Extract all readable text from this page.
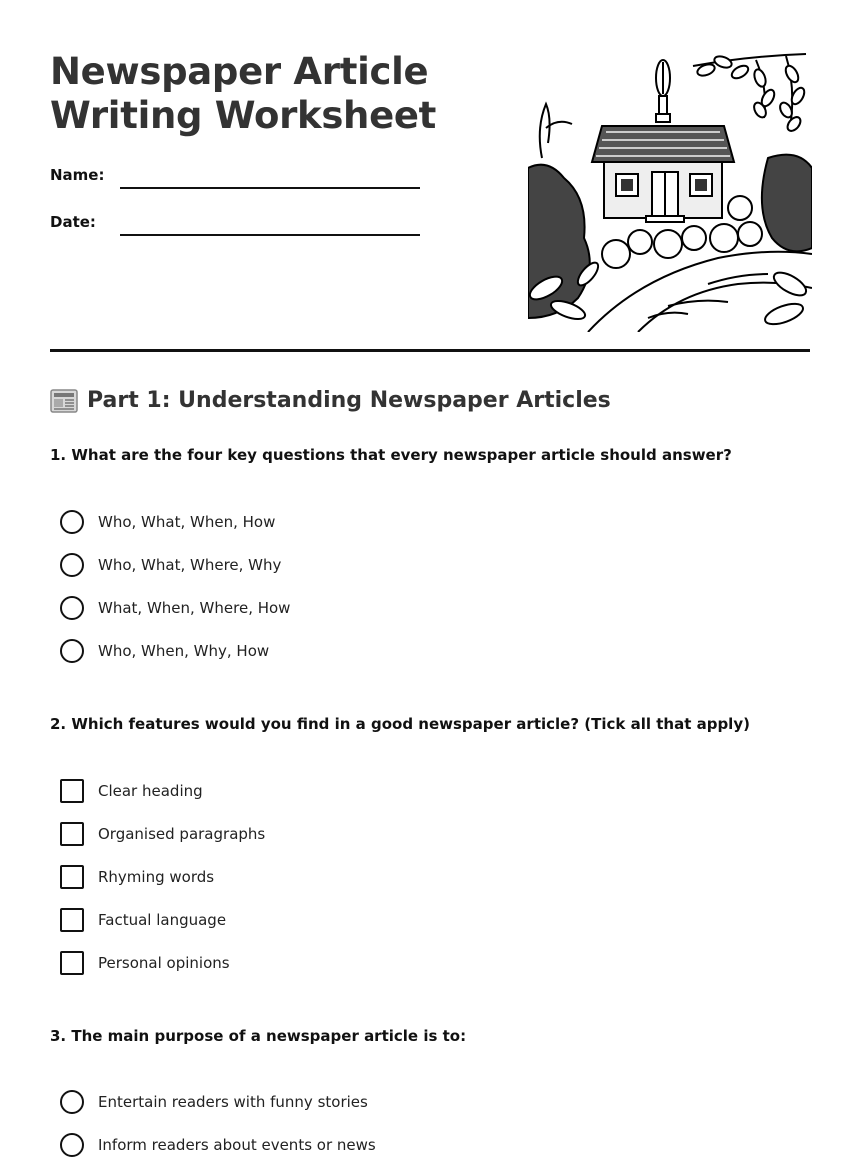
Newspaper Article
Writing Worksheet
Name:
Date:
Part 1: Understanding Newspaper Articles

1. What are the four key questions that every newspaper article should answer?

Who, What, When, How
Who, What, Where, Why
What, When, Where, How
Who, When, Why, How

2. Which features would you find in a good newspaper article? (Tick all that apply)

Clear heading
Organised paragraphs
Rhyming words
Factual language
Personal opinions

3. The main purpose of a newspaper article is to:

Entertain readers with funny stories
Inform readers about events or news
